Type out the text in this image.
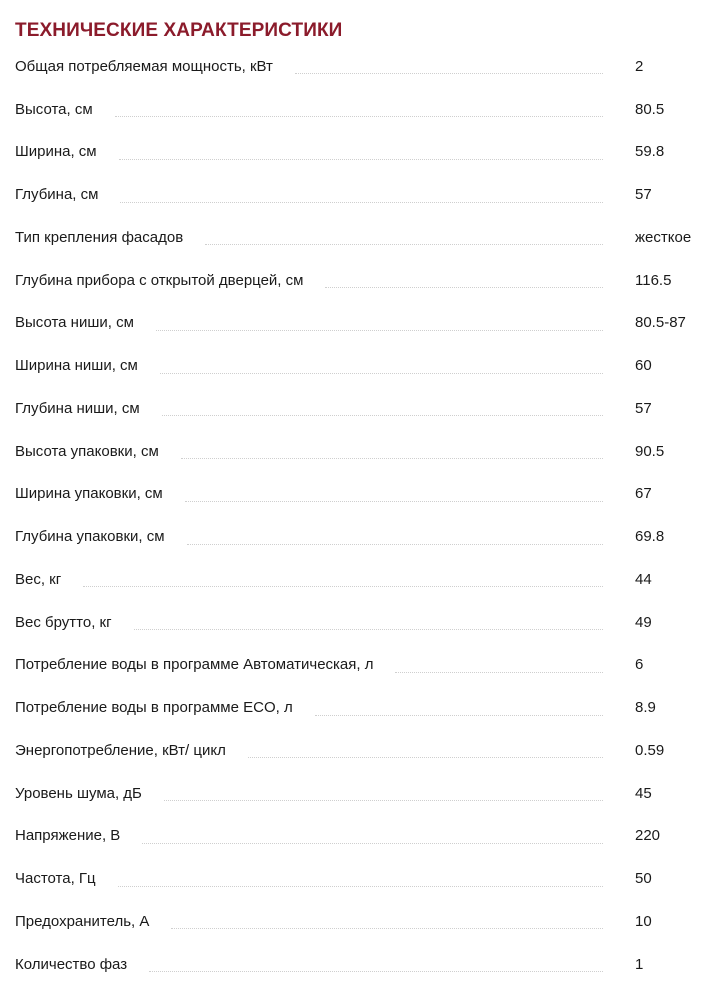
ТЕХНИЧЕСКИЕ ХАРАКТЕРИСТИКИ
Общая потребляемая мощность, кВт	2
Высота, см	80.5
Ширина, см	59.8
Глубина, см	57
Тип крепления фасадов	жесткое
Глубина прибора с открытой дверцей, см	116.5
Высота ниши, см	80.5-87
Ширина ниши, см	60
Глубина ниши, см	57
Высота упаковки, см	90.5
Ширина упаковки, см	67
Глубина упаковки, см	69.8
Вес, кг	44
Вес брутто, кг	49
Потребление воды в программе Автоматическая, л	6
Потребление воды в программе ECO, л	8.9
Энергопотребление, кВт/ цикл	0.59
Уровень шума, дБ	45
Напряжение, В	220
Частота, Гц	50
Предохранитель, А	10
Количество фаз	1
